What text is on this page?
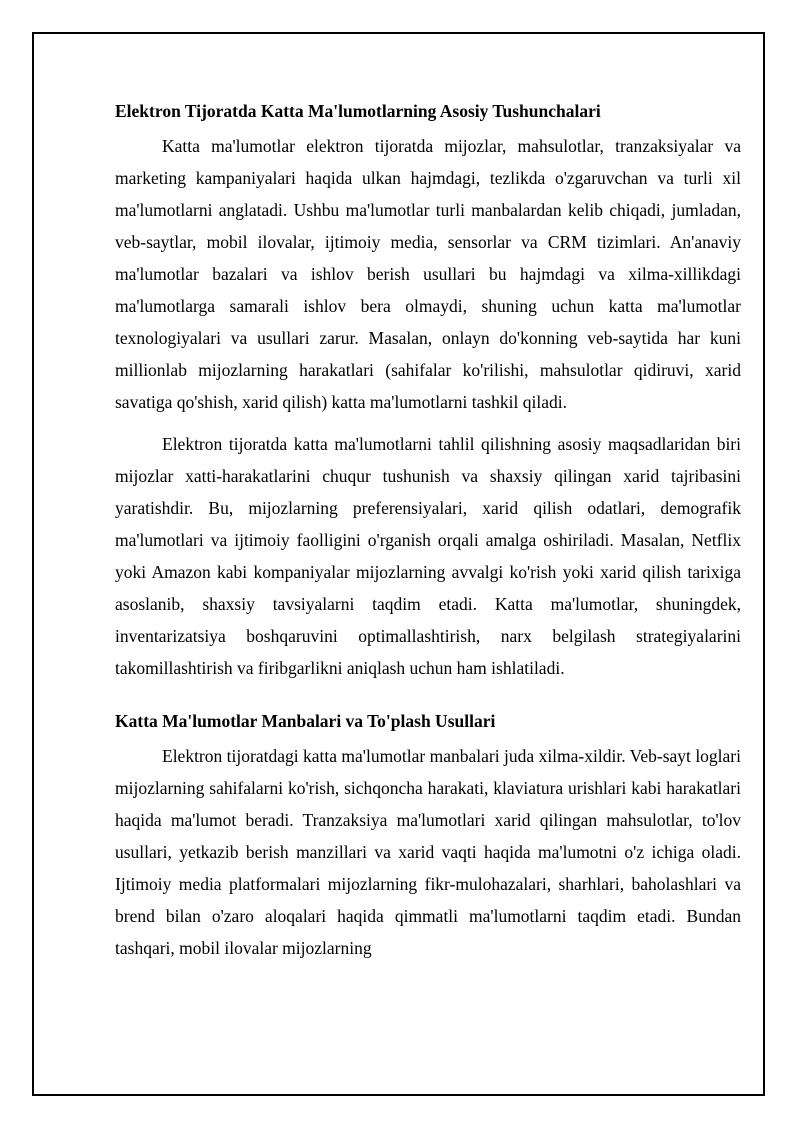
Elektron Tijoratda Katta Ma'lumotlarning Asosiy Tushunchalari

Katta ma'lumotlar elektron tijoratda mijozlar, mahsulotlar, tranzaksiyalar va marketing kampaniyalari haqida ulkan hajmdagi, tezlikda o'zgaruvchan va turli xil ma'lumotlarni anglatadi. Ushbu ma'lumotlar turli manbalardan kelib chiqadi, jumladan, veb-saytlar, mobil ilovalar, ijtimoiy media, sensorlar va CRM tizimlari. An'anaviy ma'lumotlar bazalari va ishlov berish usullari bu hajmdagi va xilma-xillikdagi ma'lumotlarga samarali ishlov bera olmaydi, shuning uchun katta ma'lumotlar texnologiyalari va usullari zarur. Masalan, onlayn do'konning veb-saytida har kuni millionlab mijozlarning harakatlari (sahifalar ko'rilishi, mahsulotlar qidiruvi, xarid savatiga qo'shish, xarid qilish) katta ma'lumotlarni tashkil qiladi.

Elektron tijoratda katta ma'lumotlarni tahlil qilishning asosiy maqsadlaridan biri mijozlar xatti-harakatlarini chuqur tushunish va shaxsiy qilingan xarid tajribasini yaratishdir. Bu, mijozlarning preferensiyalari, xarid qilish odatlari, demografik ma'lumotlari va ijtimoiy faolligini o'rganish orqali amalga oshiriladi. Masalan, Netflix yoki Amazon kabi kompaniyalar mijozlarning avvalgi ko'rish yoki xarid qilish tarixiga asoslanib, shaxsiy tavsiyalarni taqdim etadi. Katta ma'lumotlar, shuningdek, inventarizatsiya boshqaruvini optimallashtirish, narx belgilash strategiyalarini takomillashtirish va firibgarlikni aniqlash uchun ham ishlatiladi.

Katta Ma'lumotlar Manbalari va To'plash Usullari

Elektron tijoratdagi katta ma'lumotlar manbalari juda xilma-xildir. Veb-sayt loglari mijozlarning sahifalarni ko'rish, sichqoncha harakati, klaviatura urishlari kabi harakatlari haqida ma'lumot beradi. Tranzaksiya ma'lumotlari xarid qilingan mahsulotlar, to'lov usullari, yetkazib berish manzillari va xarid vaqti haqida ma'lumotni o'z ichiga oladi. Ijtimoiy media platformalari mijozlarning fikr-mulohazalari, sharhlari, baholashlari va brend bilan o'zaro aloqalari haqida qimmatli ma'lumotlarni taqdim etadi. Bundan tashqari, mobil ilovalar mijozlarning
